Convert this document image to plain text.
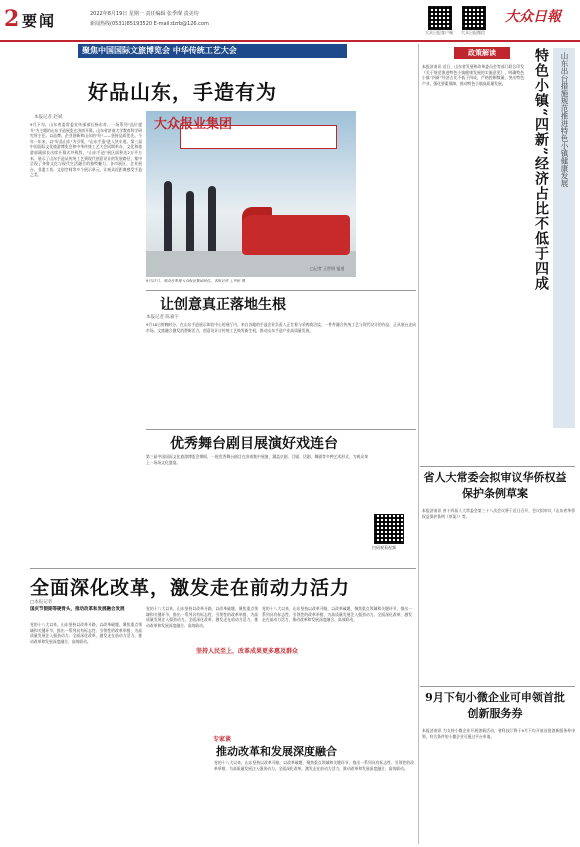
2 要闻	2022年8月19日 星期一 责任编辑 张季璨 责美均
新闻热线(0531)85193520 E-mail:dzrb@126.com
大众日报客户端	大众日报微信
大众日報
聚焦中国国际文旅博览会 中华传统工艺大会
好品山东，手造有为
本报记者 赵斌
9月下旬，山东省委常委宣传部部长杨东奇，一场系列"品位提升"为主题的山东手造展览在济南开幕。山东省济南大学教育科学研究所主任。以品牌、企业创新和山东的"好"——坚持品质优先。今年一年来，以"好品山东"为引领，"山东手造"进入快车道。第三届中国国际文化旅游博览会和中华传统工艺大会同期举办，文化和旅游部副部长出席开幕式并致辞。“山东手造”展区面积达2万平方米，展示了山东手造从传统工艺到现代创意设计的发展路径，集中呈现了齐鲁文化与现代生活融合的独特魅力。各市展区、企业展台、非遗工坊、文创空间等多个展示单元，让观众近距离感受手造之美。
大众报业集团
9月17日，观众在参观大众报业集团展位。本报记者 王世民 摄
□记者 王世明 报道
让创意真正落地生根
本报记者 陈嘉宇
9月18日傍晚时分，在山东手造展示体验中心的展厅内，来自各地的手造企业负责人正忙着与采购商洽谈。一件件融合传统工艺与现代设计的作品，正从展台走向市场。文旅融合激发消费新活力，创意设计让传统工艺焕发新生机，推动山东手造产业高质量发展。
优秀舞台剧目展演好戏连台
第三届中国国际文化旅游博览会期间，一批优秀舞台剧目在济南集中展演，涵盖京剧、吕剧、话剧、舞剧等多种艺术形式，为观众奉上一场场文化盛宴。
扫码观看视频
全面深化改革，激发走在前动力活力
□本报记者
国庆节假期等硬骨头，推动改革和发展融合发展
党的十八大以来，山东坚持以改革开路，以改革破题，聚焦重点领域和关键环节，推出一系列具有标志性、引领性的改革举措，为高质量发展注入强劲动力。全面深化改革，激发走在前动力活力，推动改革和发展深度融合、高效联动。
党的十八大以来，山东坚持以改革开路，以改革破题，聚焦重点领域和关键环节，推出一系列具有标志性、引领性的改革举措，为高质量发展注入强劲动力。全面深化改革，激发走在前动力活力，推动改革和发展深度融合、高效联动。
坚持人民至上，改革成果更多惠及群众
党的十八大以来，山东坚持以改革开路，以改革破题，聚焦重点领域和关键环节，推出一系列具有标志性、引领性的改革举措，为高质量发展注入强劲动力。全面深化改革，激发走在前动力活力，推动改革和发展深度融合、高效联动。
专家谈
推动改革和发展深度融合
党的十八大以来，山东坚持以改革开路，以改革破题，聚焦重点领域和关键环节，推出一系列具有标志性、引领性的改革举措，为高质量发展注入强劲动力。全面深化改革，激发走在前动力活力，推动改革和发展深度融合、高效联动。
政策解读	特色小镇“四新”经济占比不低于四成	山东出台措施规范推进特色小镇健康发展
本报济南讯 近日，山东省发展和改革委员会等部门联合印发《关于规范推进特色小镇健康发展的实施意见》，明确特色小镇“四新”经济占比不低于四成，严格控制数量，突出特色产业，强化要素保障，推动特色小镇高质量发展。
省人大常委会拟审议华侨权益保护条例草案
本报济南讯 省十四届人大常委会第三十八次会议将于近日召开，会议拟审议《山东省华侨权益保护条例（草案）》等。
9月下旬小微企业可申领首批创新服务券
本报济南讯 为支持小微企业开展创新活动，省科技厅将于9月下旬开放首批创新服务券申领，符合条件的小微企业可通过平台申请。
